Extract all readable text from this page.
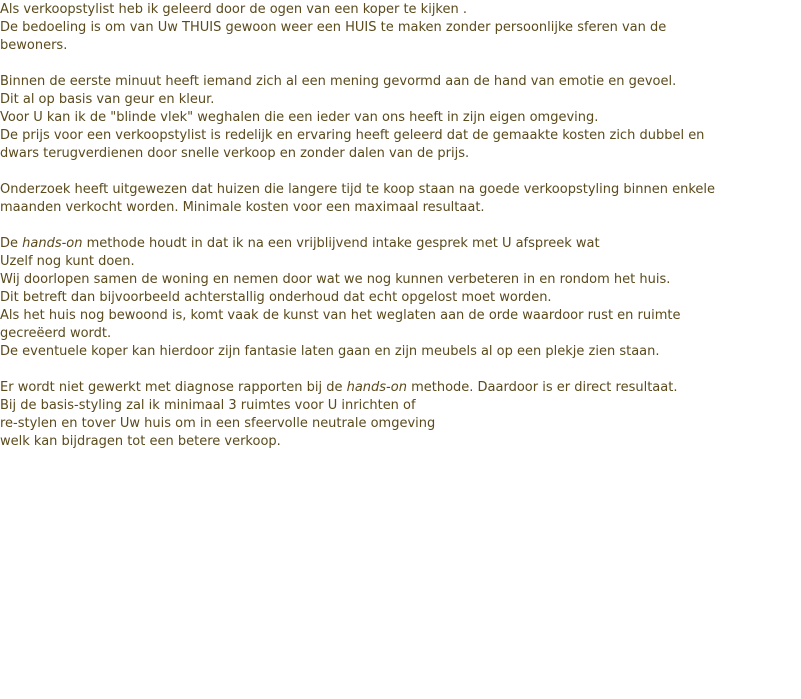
Als verkoopstylist heb ik geleerd door de ogen van een koper te kijken .
De bedoeling is om van Uw THUIS gewoon weer een HUIS te maken zonder persoonlijke sferen van de
bewoners.

Binnen de eerste minuut heeft iemand zich al een mening gevormd aan de hand van emotie en gevoel.
Dit al op basis van geur en kleur.
Voor U kan ik de "blinde vlek" weghalen die een ieder van ons heeft in zijn eigen omgeving.
De prijs voor een verkoopstylist is redelijk en ervaring heeft geleerd dat de gemaakte kosten zich dubbel en
dwars terugverdienen door snelle verkoop en zonder dalen van de prijs.

Onderzoek heeft uitgewezen dat huizen die langere tijd te koop staan na goede verkoopstyling binnen enkele
maanden verkocht worden. Minimale kosten voor een maximaal resultaat.

De hands-on methode houdt in dat ik na een vrijblijvend intake gesprek met U afspreek wat
Uzelf nog kunt doen.
Wij doorlopen samen de woning en nemen door wat we nog kunnen verbeteren in en rondom het huis.
Dit betreft dan bijvoorbeeld achterstallig onderhoud dat echt opgelost moet worden.
Als het huis nog bewoond is, komt vaak de kunst van het weglaten aan de orde waardoor rust en ruimte
gecreëerd wordt.
De eventuele koper kan hierdoor zijn fantasie laten gaan en zijn meubels al op een plekje zien staan.

Er wordt niet gewerkt met diagnose rapporten bij de hands-on methode. Daardoor is er direct resultaat.
Bij de basis-styling zal ik minimaal 3 ruimtes voor U inrichten of
re-stylen en tover Uw huis om in een sfeervolle neutrale omgeving
welk kan bijdragen tot een betere verkoop.
